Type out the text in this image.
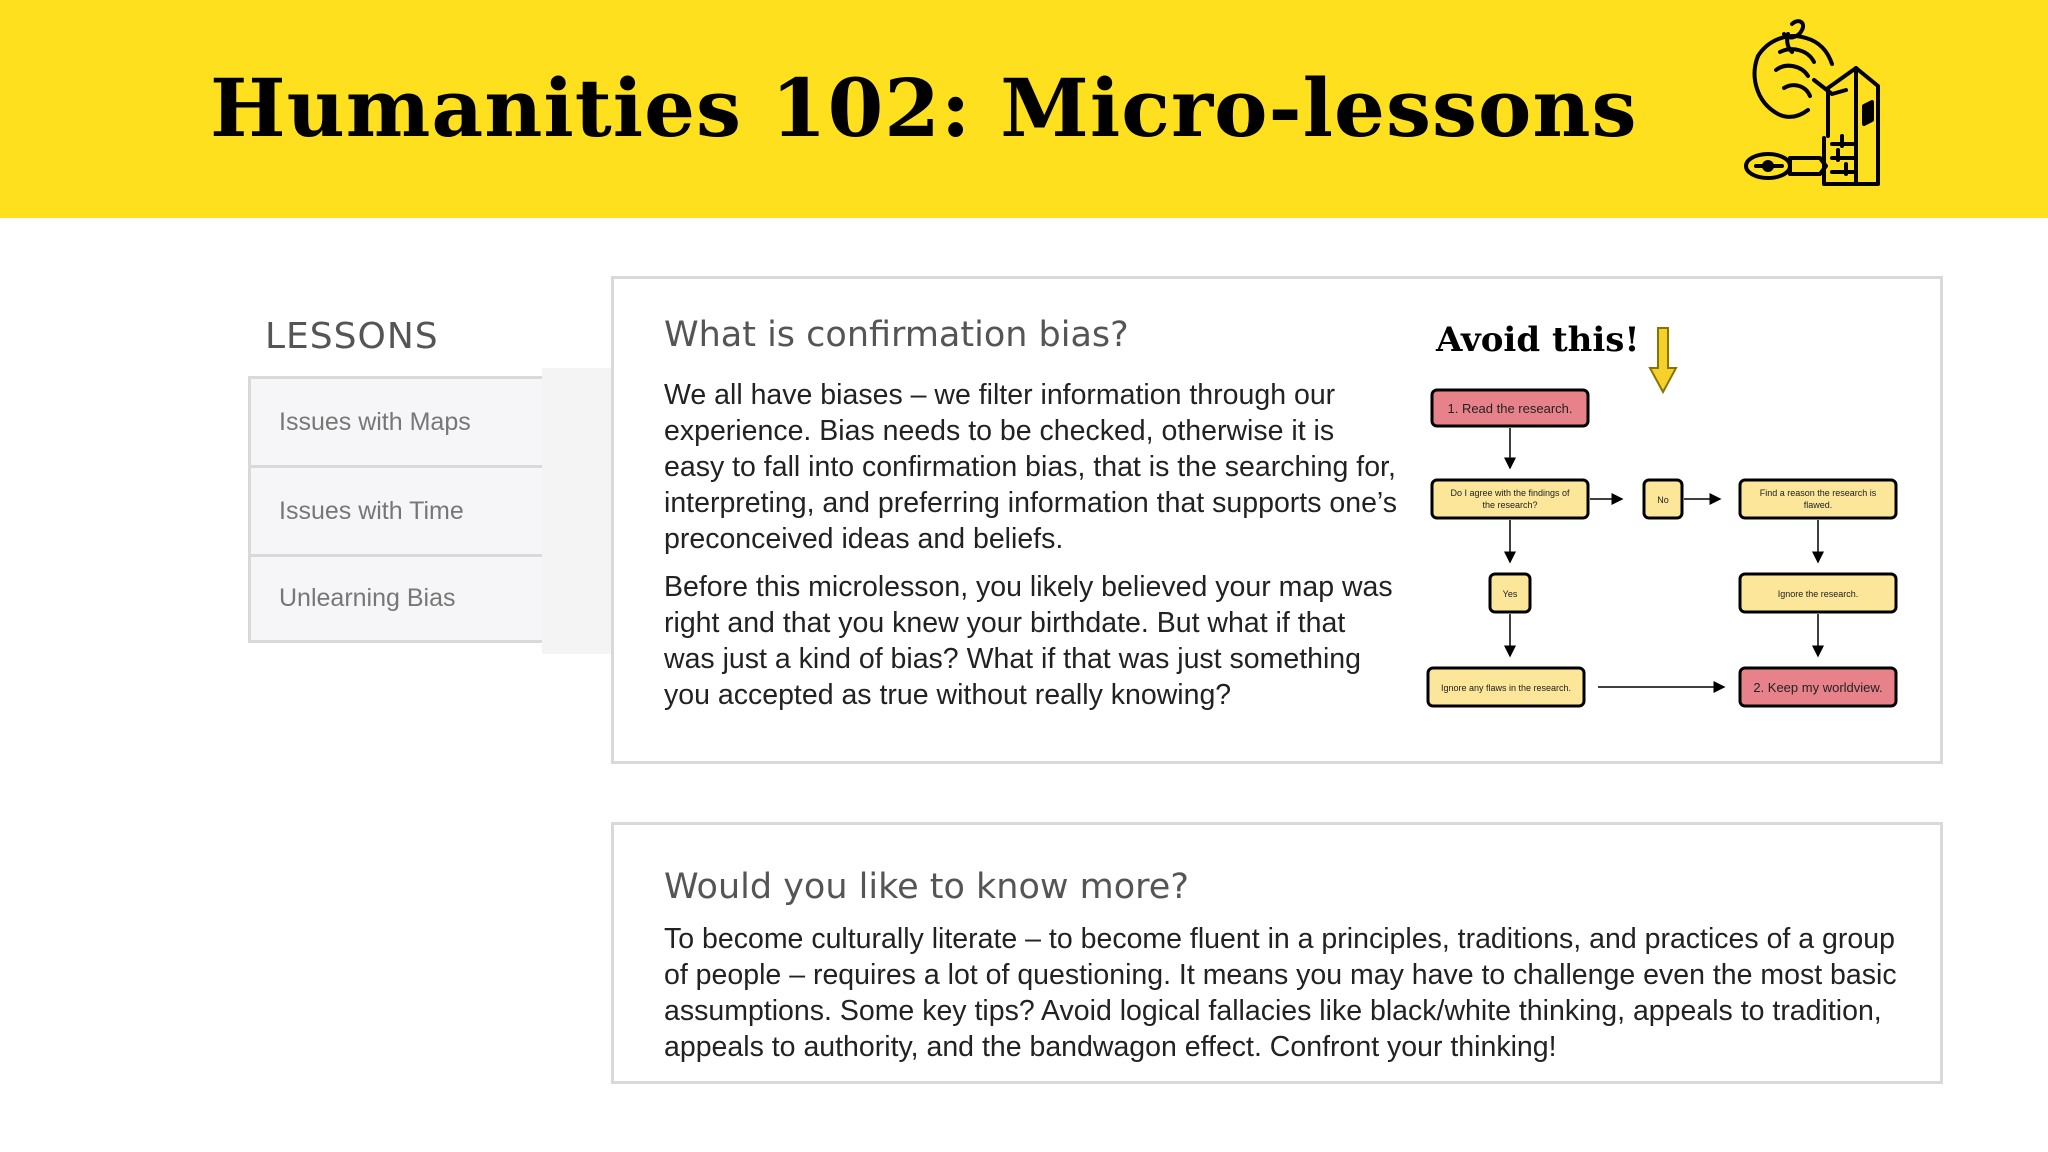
Humanities 102: Micro-lessons
LESSONS
Issues with Maps
Issues with Time
Unlearning Bias
What is confirmation bias?
We all have biases – we filter information through our experience. Bias needs to be checked, otherwise it is easy to fall into confirmation bias, that is the searching for, interpreting, and preferring information that supports one’s preconceived ideas and beliefs.
Before this microlesson, you likely believed your map was right and that you knew your birthdate. But what if that was just a kind of bias? What if that was just something you accepted as true without really knowing?
Avoid this!
1. Read the research.
Do I agree with the findings of
the research?	No
Find a reason the research is
flawed.
Yes	Ignore the research.
Ignore any flaws in the research.	2. Keep my worldview.
Would you like to know more?
To become culturally literate – to become fluent in a principles, traditions, and practices of a group of people – requires a lot of questioning. It means you may have to challenge even the most basic assumptions. Some key tips? Avoid logical fallacies like black/white thinking, appeals to tradition, appeals to authority, and the bandwagon effect. Confront your thinking!
